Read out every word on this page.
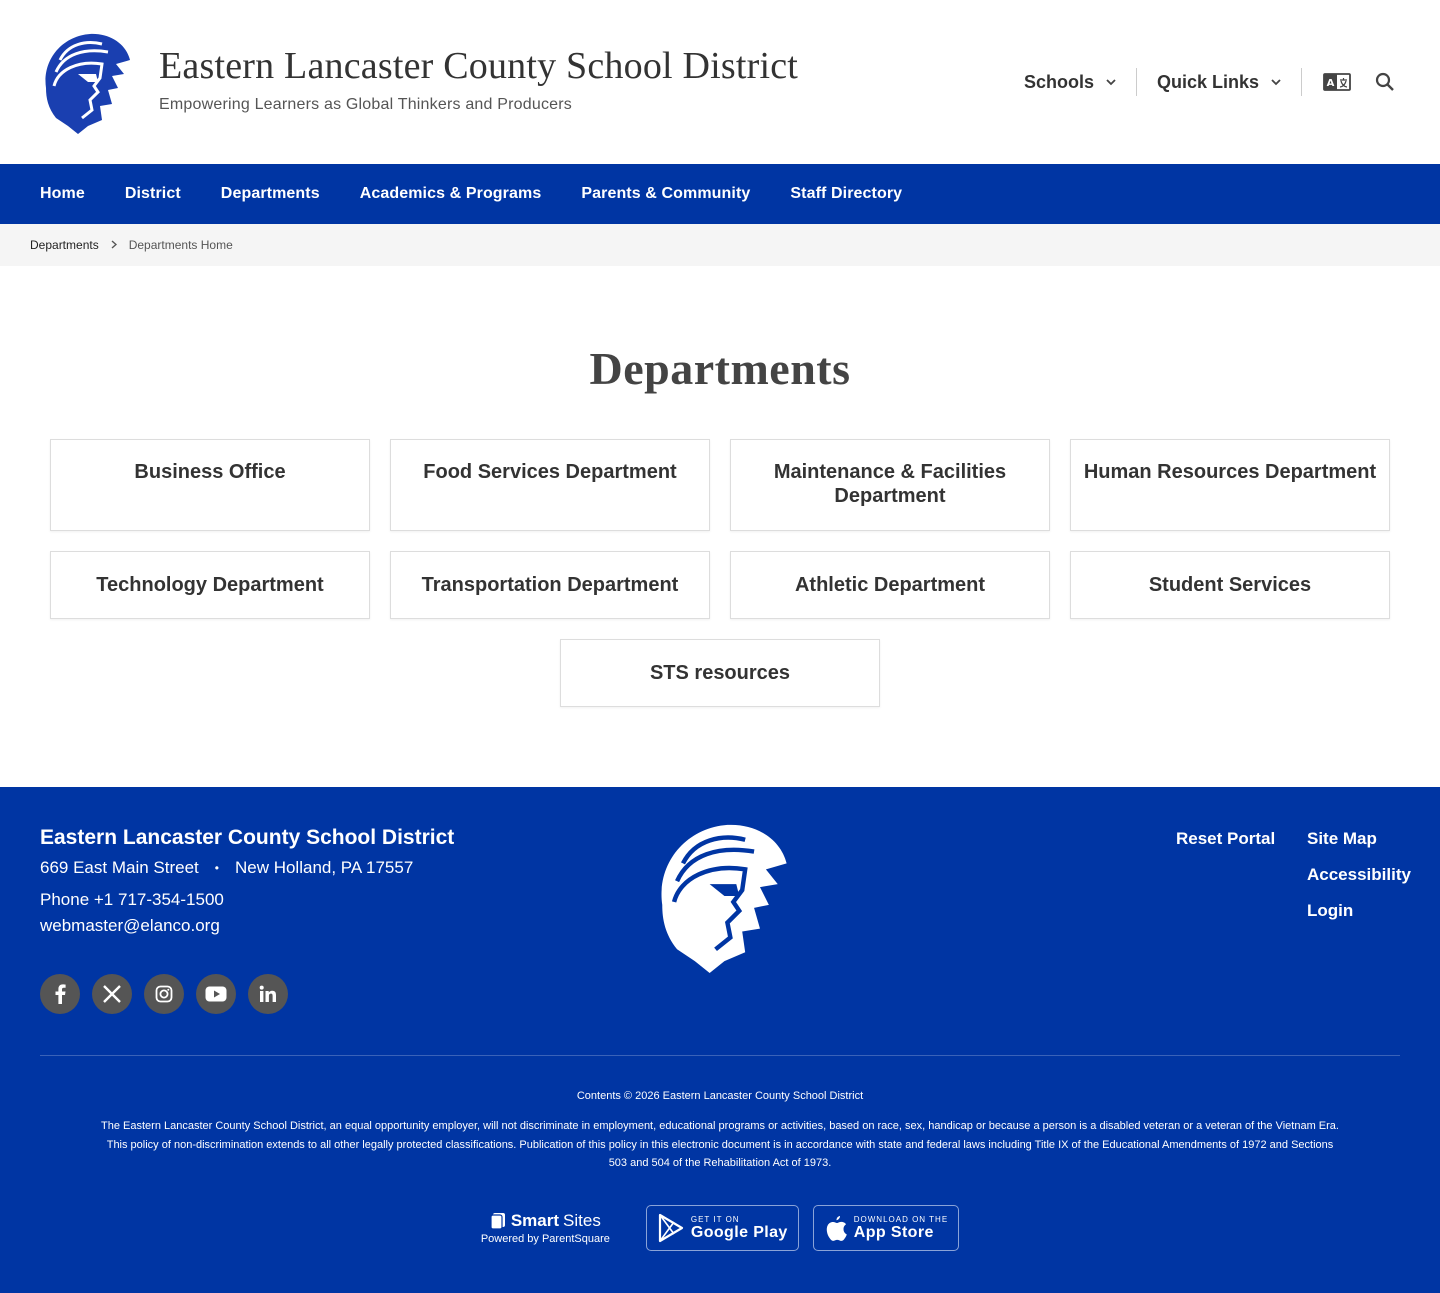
Eastern Lancaster County School District
Empowering Learners as Global Thinkers and Producers
Schools	Quick Links	A
Home	District	Departments	Academics & Programs	Parents & Community	Staff Directory
Departments	Departments Home
Departments
Business Office	Food Services Department	Maintenance & Facilities
Department
Human Resources Department
Technology Department	Transportation Department	Athletic Department	Student Services
STS resources
Eastern Lancaster County School District
669 East Main Street • New Holland, PA 17557
Phone +1 717-354-1500
webmaster@elanco.org
Reset Portal Site Map
Accessibility
Login
Contents © 2026 Eastern Lancaster County School District
The Eastern Lancaster County School District, an equal opportunity employer, will not discriminate in employment, educational programs or activities, based on race, sex, handicap or because a person is a disabled veteran or a veteran of the Vietnam Era.
This policy of non-discrimination extends to all other legally protected classifications. Publication of this policy in this electronic document is in accordance with state and federal laws including Title IX of the Educational Amendments of 1972 and Sections
503 and 504 of the Rehabilitation Act of 1973.
Smart Sites
Powered by ParentSquare
GET IT ON
Google Play
DOWNLOAD ON THE
App Store
